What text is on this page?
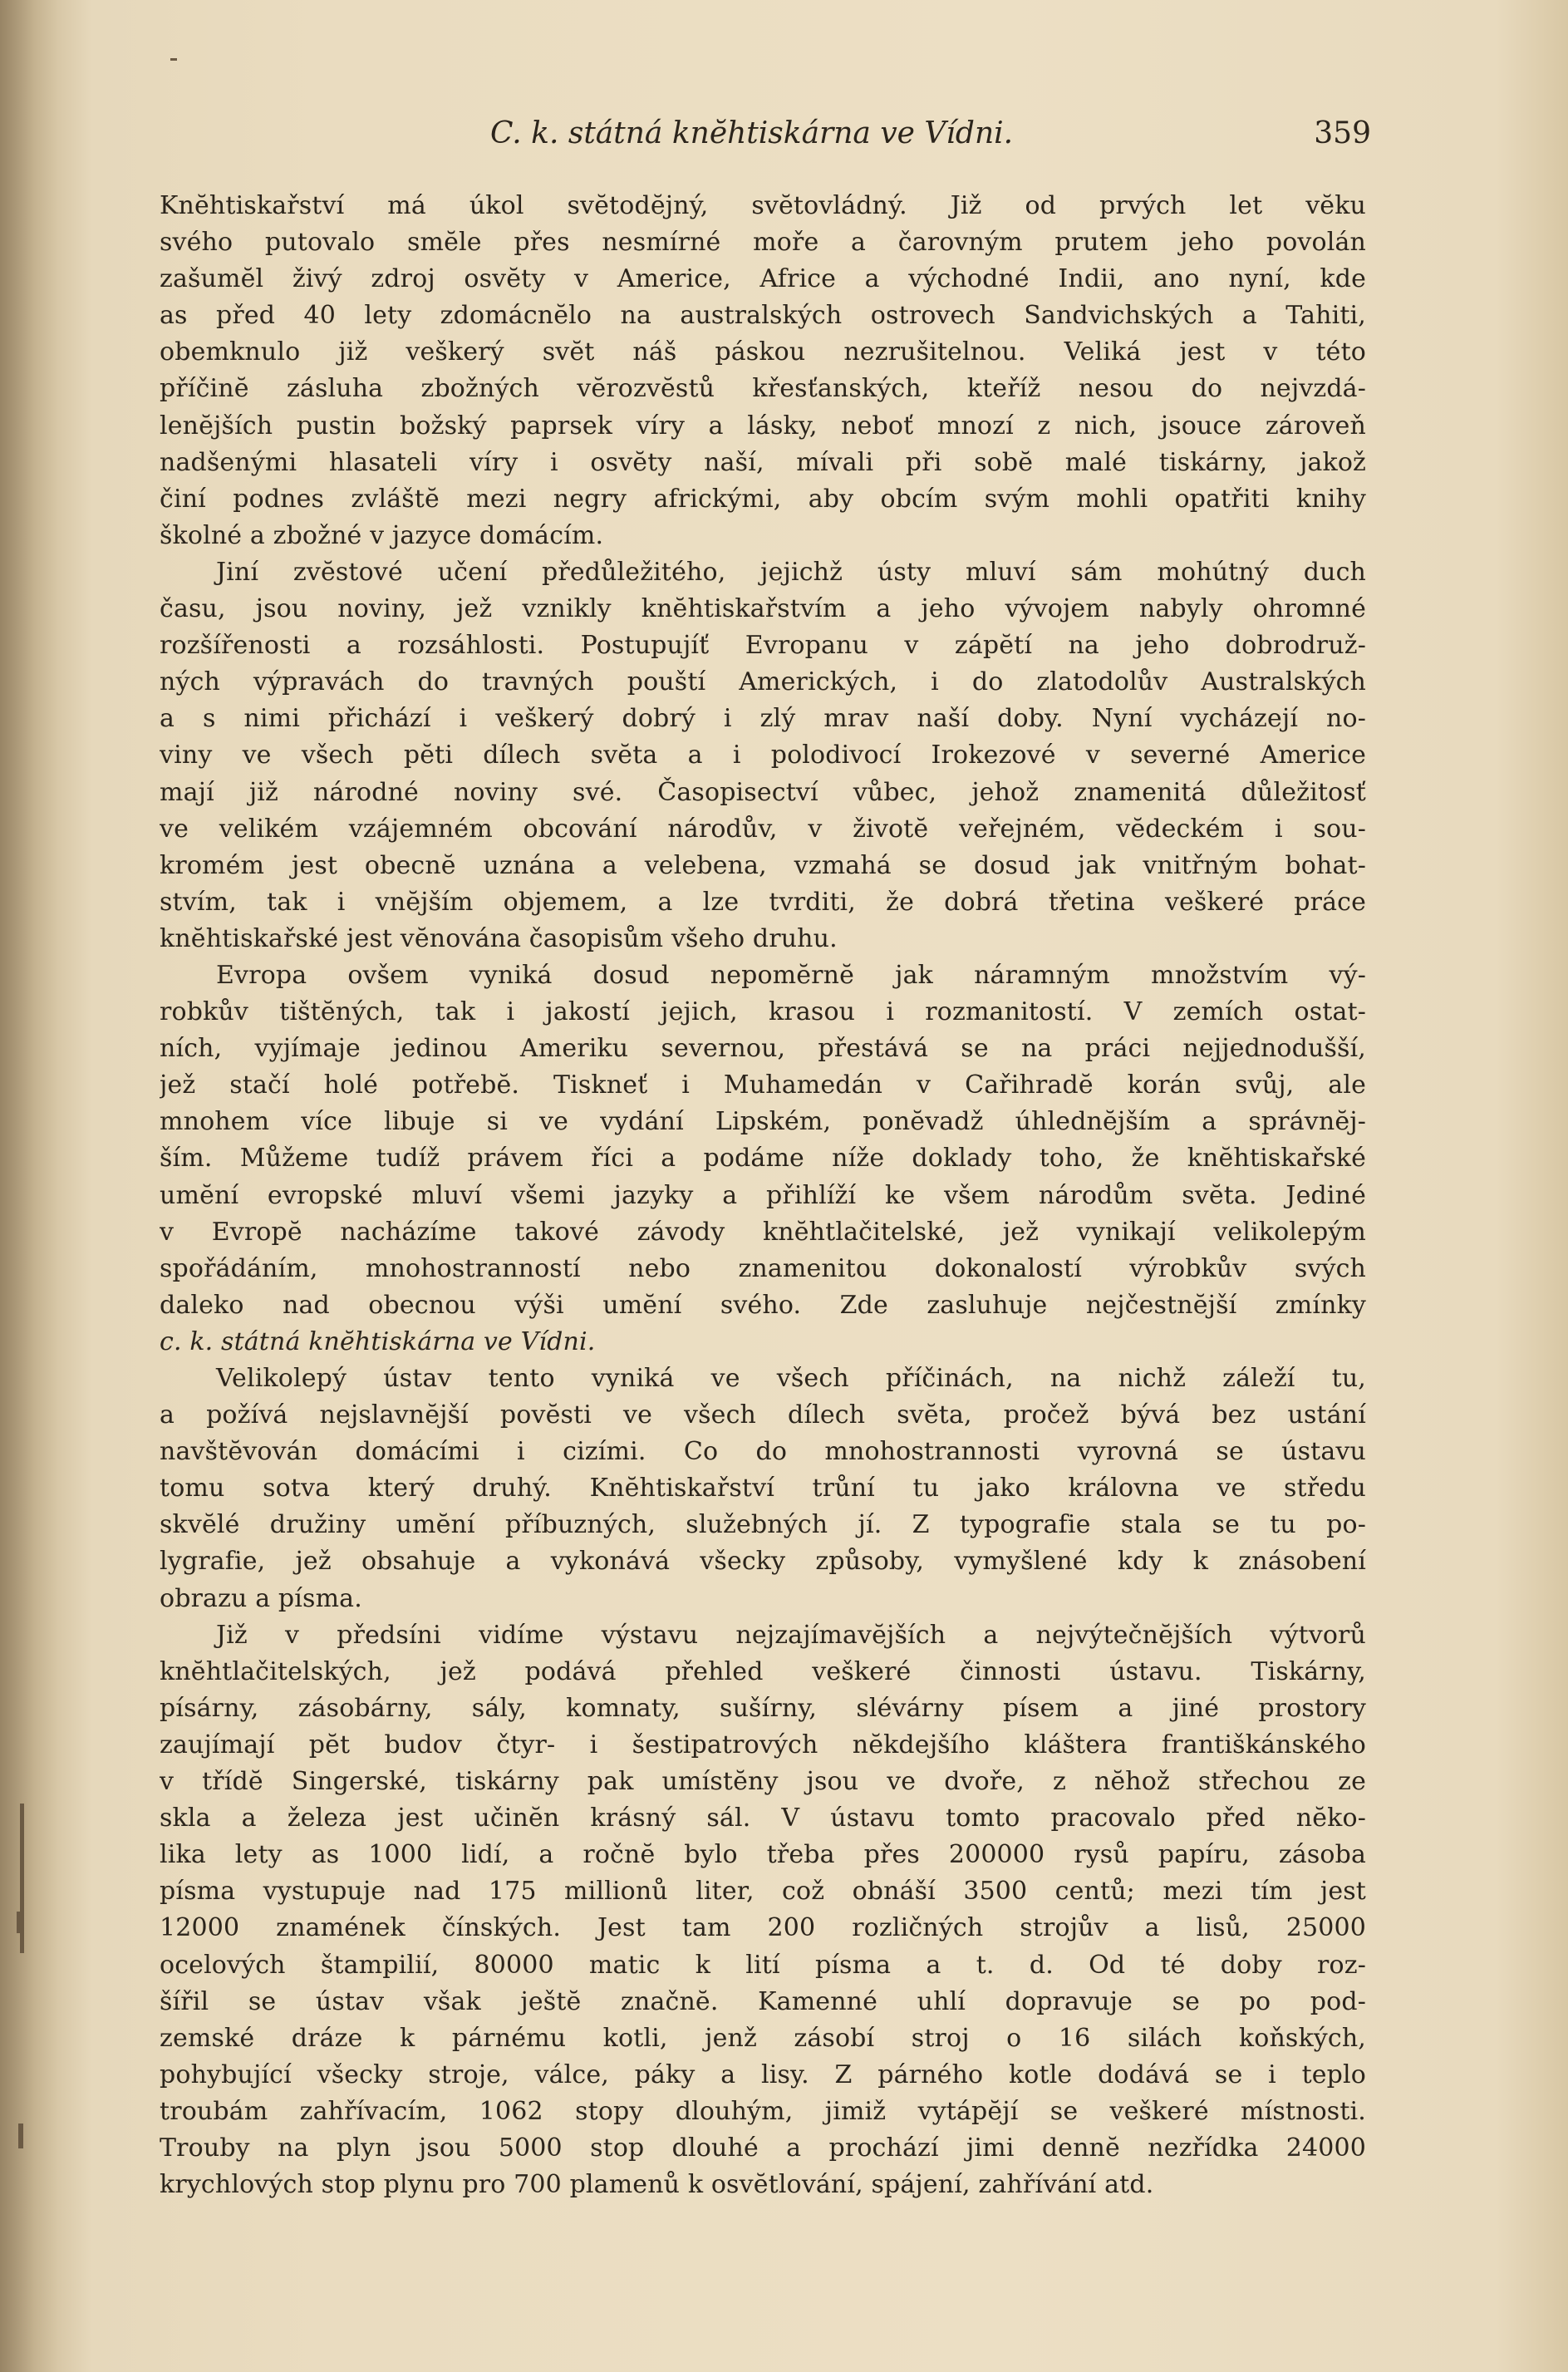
C. k. státná knĕhtiskárna ve Vídni.	359
Knĕhtiskařství má úkol svĕtodĕjný, svĕtovládný. Již od prvých let vĕku
svého putovalo smĕle přes nesmírné moře a čarovným prutem jeho povolán
zašumĕl živý zdroj osvĕty v Americe, Africe a východné Indii, ano nyní, kde
as před 40 lety zdomácnĕlo na australských ostrovech Sandvichských a Tahiti,
obemknulo již veškerý svĕt náš páskou nezrušitelnou. Veliká jest v této
příčinĕ zásluha zbožných vĕrozvĕstů křesťanských, kteříž nesou do nejvzdá-
lenĕjších pustin božský paprsek víry a lásky, neboť mnozí z nich, jsouce zároveň
nadšenými hlasateli víry i osvĕty naší, mívali při sobĕ malé tiskárny, jakož
činí podnes zvláštĕ mezi negry africkými, aby obcím svým mohli opatřiti knihy
školné a zbožné v jazyce domácím.
Jiní zvĕstové učení předůležitého, jejichž ústy mluví sám mohútný duch
času, jsou noviny, jež vznikly knĕhtiskařstvím a jeho vývojem nabyly ohromné
rozšířenosti a rozsáhlosti. Postupujíť Evropanu v zápĕtí na jeho dobrodruž-
ných výpravách do travných pouští Amerických, i do zlatodolův Australských
a s nimi přichází i veškerý dobrý i zlý mrav naší doby. Nyní vycházejí no-
viny ve všech pĕti dílech svĕta a i polodivocí Irokezové v severné Americe
mají již národné noviny své. Časopisectví vůbec, jehož znamenitá důležitosť
ve velikém vzájemném obcování národův, v životĕ veřejném, vĕdeckém i sou-
kromém jest obecnĕ uznána a velebena, vzmahá se dosud jak vnitřným bohat-
stvím, tak i vnĕjším objemem, a lze tvrditi, že dobrá třetina veškeré práce
knĕhtiskařské jest vĕnována časopisům všeho druhu.
Evropa ovšem vyniká dosud nepomĕrnĕ jak náramným množstvím vý-
robkův tištĕných, tak i jakostí jejich, krasou i rozmanitostí. V zemích ostat-
ních, vyjímaje jedinou Ameriku severnou, přestává se na práci nejjednodušší,
jež stačí holé potřebĕ. Tiskneť i Muhamedán v Cařihradĕ korán svůj, ale
mnohem více libuje si ve vydání Lipském, ponĕvadž úhlednĕjším a správnĕj-
ším. Můžeme tudíž právem říci a podáme níže doklady toho, že knĕhtiskařské
umĕní evropské mluví všemi jazyky a přihlíží ke všem národům svĕta. Jediné
v Evropĕ nacházíme takové závody knĕhtlačitelské, jež vynikají velikolepým
spořádáním, mnohostranností nebo znamenitou dokonalostí výrobkův svých
daleko nad obecnou výši umĕní svého. Zde zasluhuje nejčestnĕjší zmínky
c. k. státná knĕhtiskárna ve Vídni.
Velikolepý ústav tento vyniká ve všech příčinách, na nichž záleží tu,
a požívá nejslavnĕjší povĕsti ve všech dílech svĕta, pročež bývá bez ustání
navštĕvován domácími i cizími. Co do mnohostrannosti vyrovná se ústavu
tomu sotva který druhý. Knĕhtiskařství trůní tu jako královna ve středu
skvĕlé družiny umĕní příbuzných, služebných jí. Z typografie stala se tu po-
lygrafie, jež obsahuje a vykonává všecky způsoby, vymyšlené kdy k znásobení
obrazu a písma.
Již v předsíni vidíme výstavu nejzajímavĕjších a nejvýtečnĕjších výtvorů
knĕhtlačitelských, jež podává přehled veškeré činnosti ústavu. Tiskárny,
písárny, zásobárny, sály, komnaty, sušírny, slévárny písem a jiné prostory
zaujímají pĕt budov čtyr- i šestipatrových nĕkdejšího kláštera františkánského
v třídĕ Singerské, tiskárny pak umístĕny jsou ve dvoře, z nĕhož střechou ze
skla a železa jest učinĕn krásný sál. V ústavu tomto pracovalo před nĕko-
lika lety as 1000 lidí, a ročnĕ bylo třeba přes 200000 rysů papíru, zásoba
písma vystupuje nad 175 millionů liter, což obnáší 3500 centů; mezi tím jest
12000 znamének čínských. Jest tam 200 rozličných strojův a lisů, 25000
ocelových štampilií, 80000 matic k lití písma a t. d. Od té doby roz-
šířil se ústav však ještĕ značnĕ. Kamenné uhlí dopravuje se po pod-
zemské dráze k párnému kotli, jenž zásobí stroj o 16 silách koňských,
pohybující všecky stroje, válce, páky a lisy. Z párného kotle dodává se i teplo
troubám zahřívacím, 1062 stopy dlouhým, jimiž vytápĕjí se veškeré místnosti.
Trouby na plyn jsou 5000 stop dlouhé a prochází jimi dennĕ nezřídka 24000
krychlových stop plynu pro 700 plamenů k osvĕtlování, spájení, zahřívání atd.
